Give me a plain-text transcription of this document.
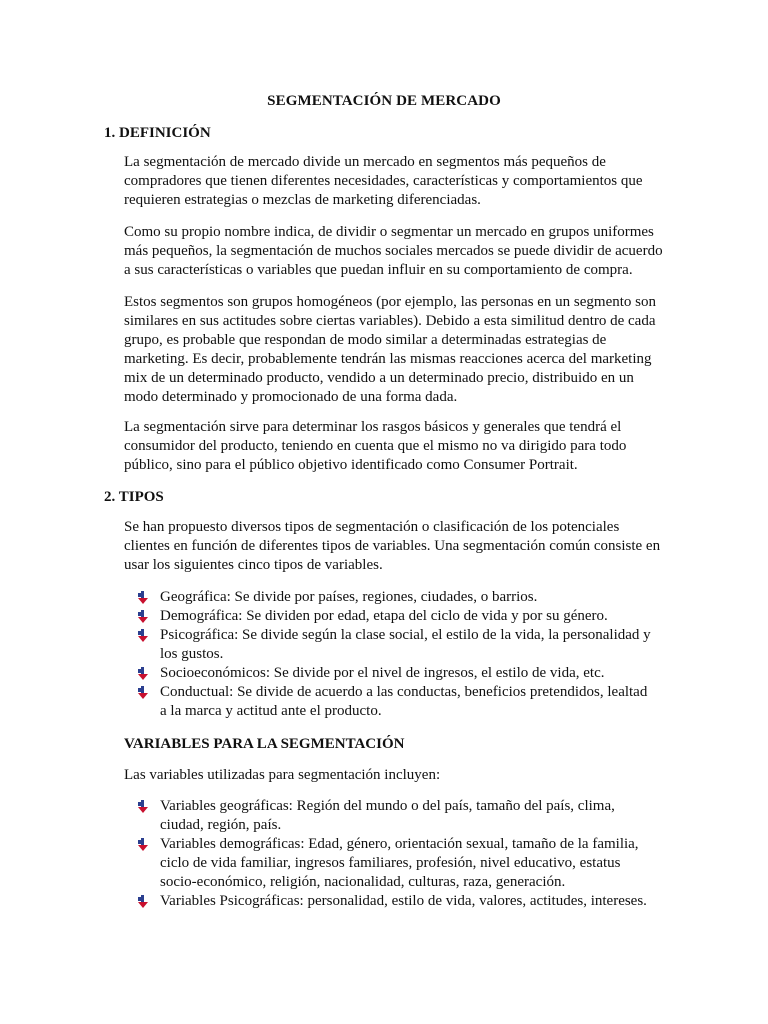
SEGMENTACIÓN DE MERCADO
1. DEFINICIÓN

La segmentación de mercado divide un mercado en segmentos más pequeños de compradores que tienen diferentes necesidades, características y comportamientos que requieren estrategias o mezclas de marketing diferenciadas.

Como su propio nombre indica, de dividir o segmentar un mercado en grupos uniformes más pequeños, la segmentación de muchos sociales mercados se puede dividir de acuerdo a sus características o variables que puedan influir en su comportamiento de compra.

Estos segmentos son grupos homogéneos (por ejemplo, las personas en un segmento son similares en sus actitudes sobre ciertas variables). Debido a esta similitud dentro de cada grupo, es probable que respondan de modo similar a determinadas estrategias de marketing. Es decir, probablemente tendrán las mismas reacciones acerca del marketing mix de un determinado producto, vendido a un determinado precio, distribuido en un modo determinado y promocionado de una forma dada.

La segmentación sirve para determinar los rasgos básicos y generales que tendrá el consumidor del producto, teniendo en cuenta que el mismo no va dirigido para todo público, sino para el público objetivo identificado como Consumer Portrait.

2. TIPOS

Se han propuesto diversos tipos de segmentación o clasificación de los potenciales clientes en función de diferentes tipos de variables. Una segmentación común consiste en usar los siguientes cinco tipos de variables.

Geográfica: Se divide por países, regiones, ciudades, o barrios.
Demográfica: Se dividen por edad, etapa del ciclo de vida y por su género.
Psicográfica: Se divide según la clase social, el estilo de la vida, la personalidad y los gustos.
Socioeconómicos: Se divide por el nivel de ingresos, el estilo de vida, etc.
Conductual: Se divide de acuerdo a las conductas, beneficios pretendidos, lealtad a la marca y actitud ante el producto.
VARIABLES PARA LA SEGMENTACIÓN

Las variables utilizadas para segmentación incluyen:

Variables geográficas: Región del mundo o del país, tamaño del país, clima, ciudad, región, país.
Variables demográficas: Edad, género, orientación sexual, tamaño de la familia, ciclo de vida familiar, ingresos familiares, profesión, nivel educativo, estatus socio-económico, religión, nacionalidad, culturas, raza, generación.
Variables Psicográficas: personalidad, estilo de vida, valores, actitudes, intereses.
